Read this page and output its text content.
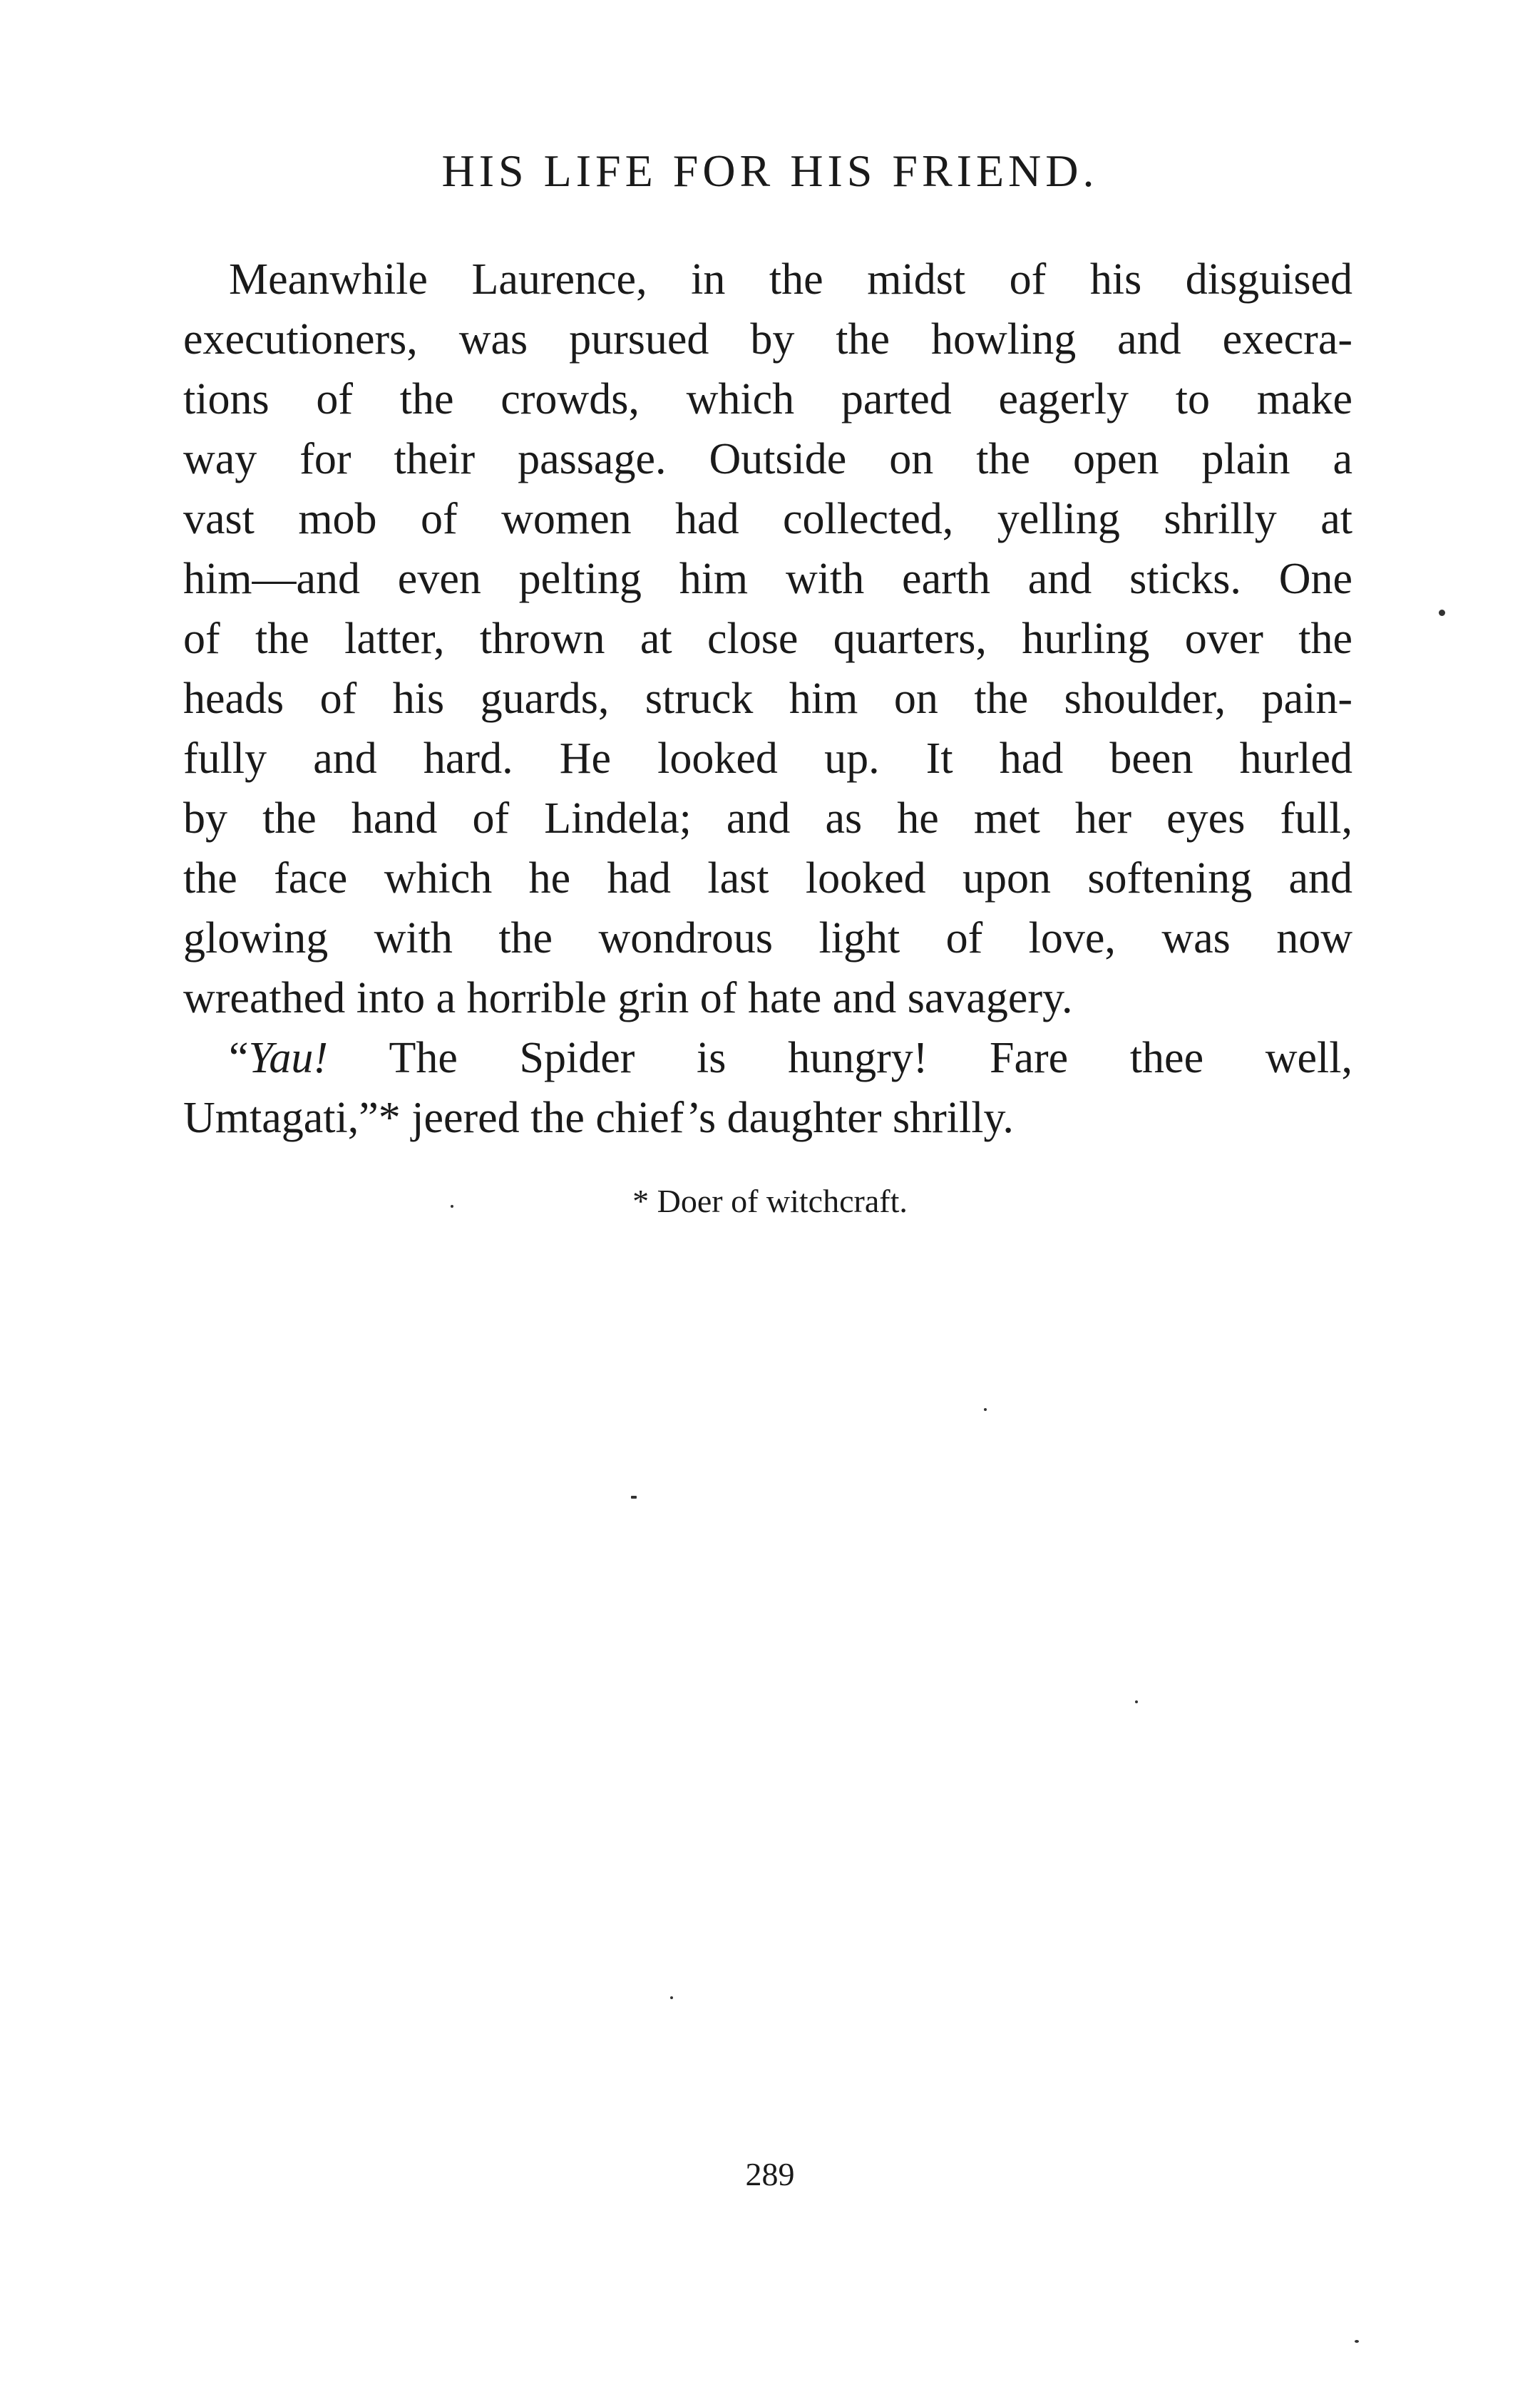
HIS LIFE FOR HIS FRIEND.
Meanwhile Laurence, in the midst of his disguised
executioners, was pursued by the howling and execra-
tions of the crowds, which parted eagerly to make
way for their passage. Outside on the open plain a
vast mob of women had collected, yelling shrilly at
him—and even pelting him with earth and sticks. One
of the latter, thrown at close quarters, hurling over the
heads of his guards, struck him on the shoulder, pain-
fully and hard. He looked up. It had been hurled
by the hand of Lindela; and as he met her eyes full,
the face which he had last looked upon softening and
glowing with the wondrous light of love, was now
wreathed into a horrible grin of hate and savagery.
“Yau! The Spider is hungry! Fare thee well,
Umtagati,”* jeered the chief’s daughter shrilly.
* Doer of witchcraft.
289
